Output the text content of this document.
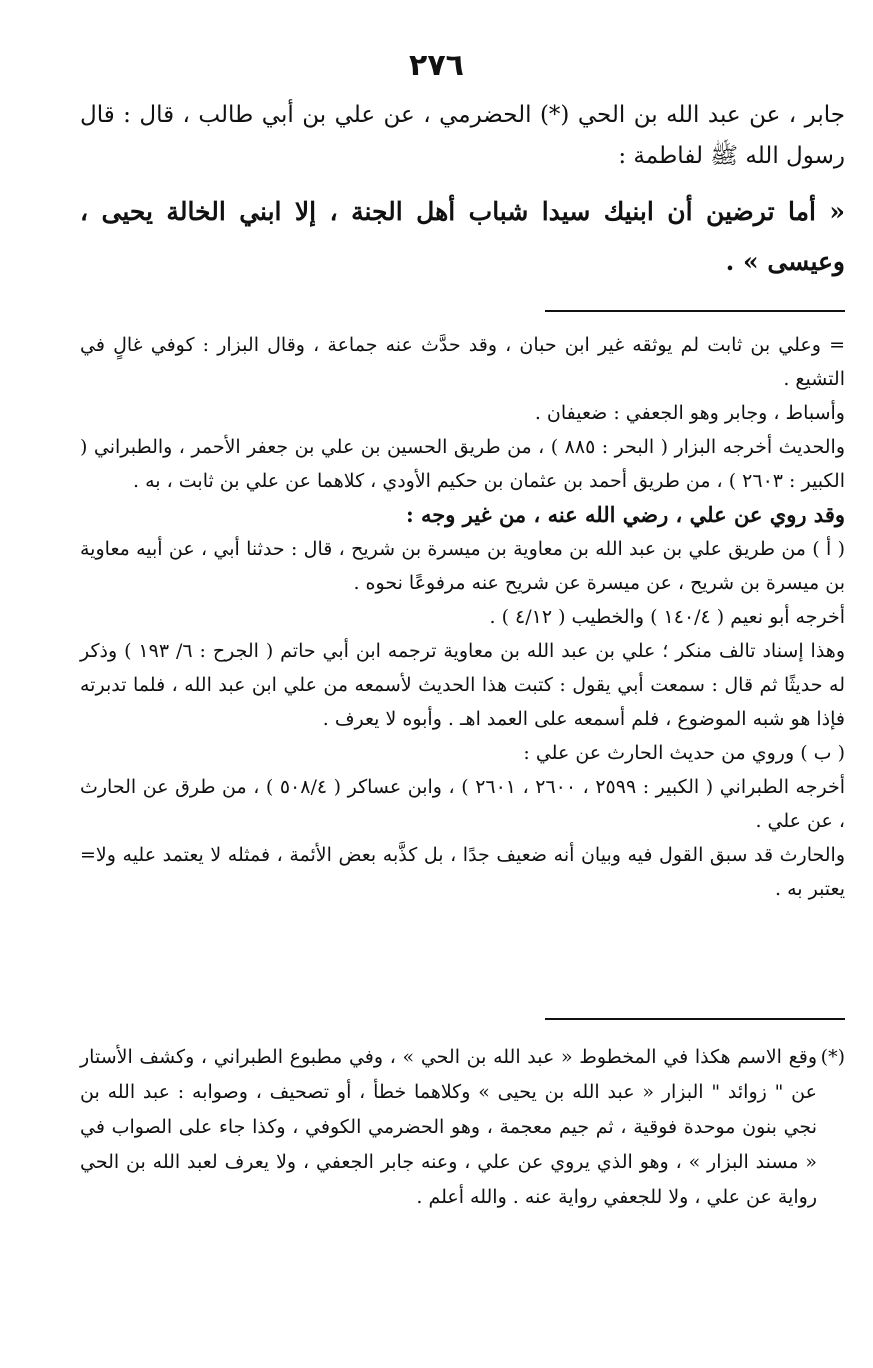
٢٧٦

جابر ، عن عبد الله بن الحي (*) الحضرمي ، عن علي بن أبي طالب ، قال : قال رسول الله ﷺ لفاطمة :

« أما ترضين أن ابنيك سيدا شباب أهل الجنة ، إلا ابني الخالة يحيى ، وعيسى » .

= وعلي بن ثابت لم يوثقه غير ابن حبان ، وقد حدَّث عنه جماعة ، وقال البزار : كوفي غالٍ في التشيع .

وأسباط ، وجابر وهو الجعفي : ضعيفان .

والحديث أخرجه البزار ( البحر : ٨٨٥ ) ، من طريق الحسين بن علي بن جعفر الأحمر ، والطبراني ( الكبير : ٢٦٠٣ ) ، من طريق أحمد بن عثمان بن حكيم الأودي ، كلاهما عن علي بن ثابت ، به .

وقد روي عن علي ، رضي الله عنه ، من غير وجه :

( أ ) من طريق علي بن عبد الله بن معاوية بن ميسرة بن شريح ، قال : حدثنا أبي ، عن أبيه معاوية بن ميسرة بن شريح ، عن ميسرة عن شريح عنه مرفوعًا نحوه .

أخرجه أبو نعيم ( ١٤٠/٤ ) والخطيب ( ٤/١٢ ) .

وهذا إسناد تالف منكر ؛ علي بن عبد الله بن معاوية ترجمه ابن أبي حاتم ( الجرح : ٦/ ١٩٣ ) وذكر له حديثًا ثم قال : سمعت أبي يقول : كتبت هذا الحديث لأسمعه من علي ابن عبد الله ، فلما تدبرته فإذا هو شبه الموضوع ، فلم أسمعه على العمد اهـ . وأبوه لا يعرف .

( ب ) وروي من حديث الحارث عن علي :

أخرجه الطبراني ( الكبير : ٢٥٩٩ ، ٢٦٠٠ ، ٢٦٠١ ) ، وابن عساكر ( ٥٠٨/٤ ) ، من طرق عن الحارث ، عن علي .

= والحارث قد سبق القول فيه وبيان أنه ضعيف جدًا ، بل كذَّبه بعض الأئمة ، فمثله لا يعتمد عليه ولا يعتبر به .

(*)وقع الاسم هكذا في المخطوط « عبد الله بن الحي » ، وفي مطبوع الطبراني ، وكشف الأستار عن " زوائد " البزار « عبد الله بن يحيى » وكلاهما خطأ ، أو تصحيف ، وصوابه : عبد الله بن نجي بنون موحدة فوقية ، ثم جيم معجمة ، وهو الحضرمي الكوفي ، وكذا جاء على الصواب في « مسند البزار » ، وهو الذي يروي عن علي ، وعنه جابر الجعفي ، ولا يعرف لعبد الله بن الحي رواية عن علي ، ولا للجعفي رواية عنه . والله أعلم .
